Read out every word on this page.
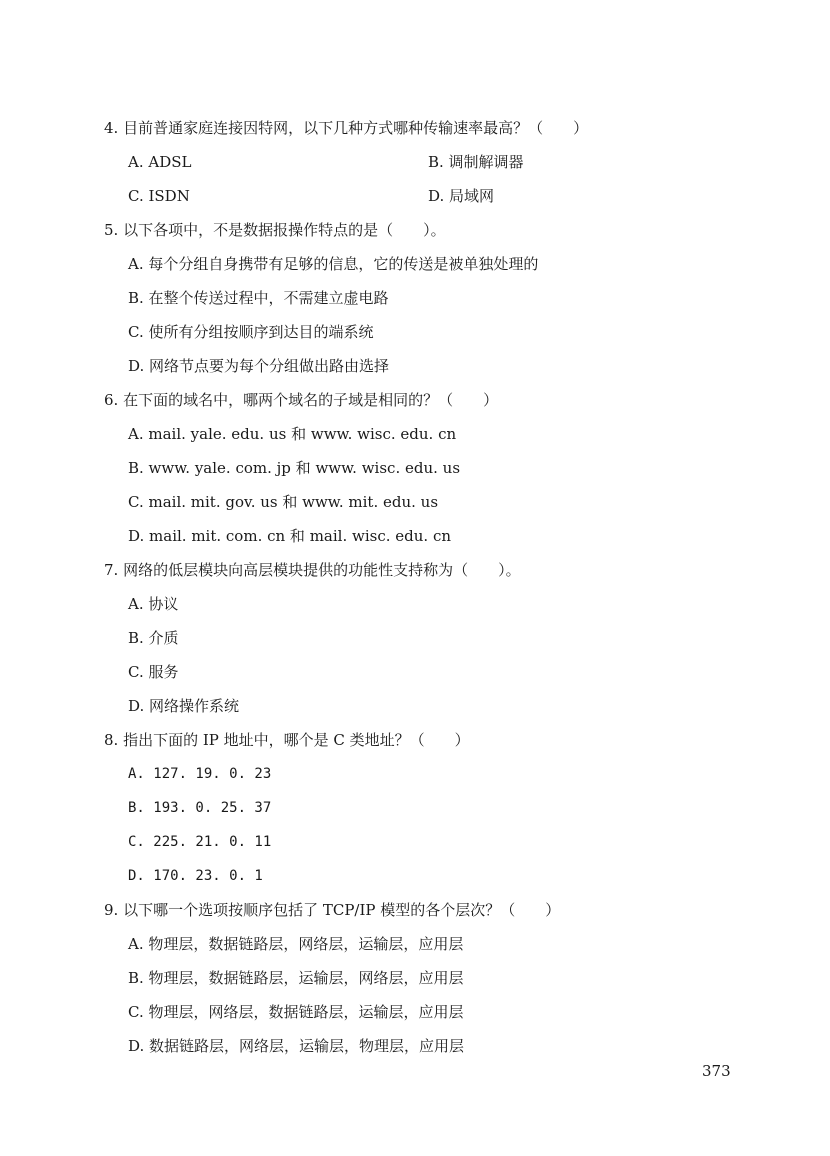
4. 目前普通家庭连接因特网，以下几种方式哪种传输速率最高？（　　）
A. ADSL	B. 调制解调器
C. ISDN	D. 局域网
5. 以下各项中，不是数据报操作特点的是（　　）。
A. 每个分组自身携带有足够的信息，它的传送是被单独处理的
B. 在整个传送过程中，不需建立虚电路
C. 使所有分组按顺序到达目的端系统
D. 网络节点要为每个分组做出路由选择
6. 在下面的域名中，哪两个域名的子域是相同的？（　　）
A. mail. yale. edu. us 和 www. wisc. edu. cn
B. www. yale. com. jp 和 www. wisc. edu. us
C. mail. mit. gov. us 和 www. mit. edu. us
D. mail. mit. com. cn 和 mail. wisc. edu. cn
7. 网络的低层模块向高层模块提供的功能性支持称为（　　）。
A. 协议
B. 介质
C. 服务
D. 网络操作系统
8. 指出下面的 IP 地址中，哪个是 C 类地址？（　　）
A. 127. 19. 0. 23
B. 193. 0. 25. 37
C. 225. 21. 0. 11
D. 170. 23. 0. 1
9. 以下哪一个选项按顺序包括了 TCP/IP 模型的各个层次？（　　）
A. 物理层，数据链路层，网络层，运输层，应用层
B. 物理层，数据链路层，运输层，网络层，应用层
C. 物理层，网络层，数据链路层，运输层，应用层
D. 数据链路层，网络层，运输层，物理层，应用层
373
